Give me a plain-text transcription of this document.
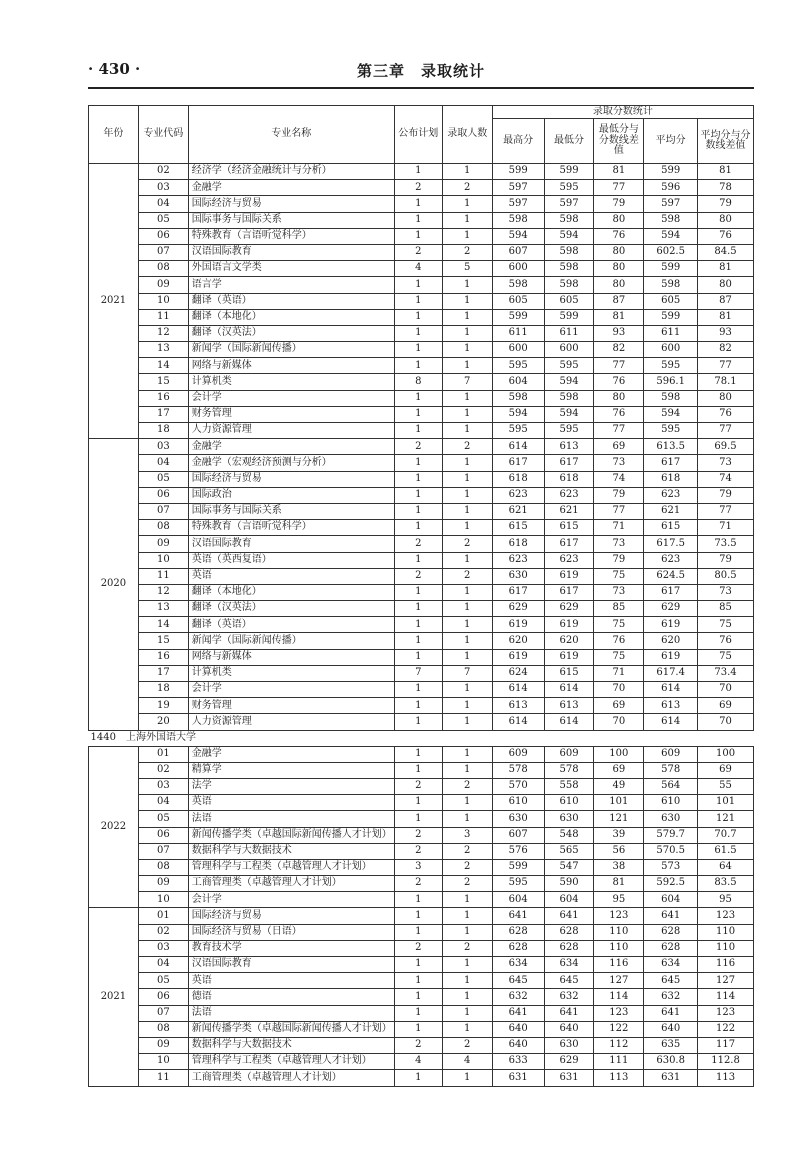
· 430 ·	第三章　录取统计
年份	专业代码	专业名称	公布计划	录取人数	录取分数统计				
					最高分	最低分	最低分与分数线差值	平均分	平均分与分数线差值
2021	02	经济学（经济金融统计与分析）	1	1	599	599	81	599	81
	03	金融学	2	2	597	595	77	596	78
	04	国际经济与贸易	1	1	597	597	79	597	79
	05	国际事务与国际关系	1	1	598	598	80	598	80
	06	特殊教育（言语听觉科学）	1	1	594	594	76	594	76
	07	汉语国际教育	2	2	607	598	80	602.5	84.5
	08	外国语言文学类	4	5	600	598	80	599	81
	09	语言学	1	1	598	598	80	598	80
	10	翻译（英语）	1	1	605	605	87	605	87
	11	翻译（本地化）	1	1	599	599	81	599	81
	12	翻译（汉英法）	1	1	611	611	93	611	93
	13	新闻学（国际新闻传播）	1	1	600	600	82	600	82
	14	网络与新媒体	1	1	595	595	77	595	77
	15	计算机类	8	7	604	594	76	596.1	78.1
	16	会计学	1	1	598	598	80	598	80
	17	财务管理	1	1	594	594	76	594	76
	18	人力资源管理	1	1	595	595	77	595	77
2020	03	金融学	2	2	614	613	69	613.5	69.5
	04	金融学（宏观经济预测与分析）	1	1	617	617	73	617	73
	05	国际经济与贸易	1	1	618	618	74	618	74
	06	国际政治	1	1	623	623	79	623	79
	07	国际事务与国际关系	1	1	621	621	77	621	77
	08	特殊教育（言语听觉科学）	1	1	615	615	71	615	71
	09	汉语国际教育	2	2	618	617	73	617.5	73.5
	10	英语（英西复语）	1	1	623	623	79	623	79
	11	英语	2	2	630	619	75	624.5	80.5
	12	翻译（本地化）	1	1	617	617	73	617	73
	13	翻译（汉英法）	1	1	629	629	85	629	85
	14	翻译（英语）	1	1	619	619	75	619	75
	15	新闻学（国际新闻传播）	1	1	620	620	76	620	76
	16	网络与新媒体	1	1	619	619	75	619	75
	17	计算机类	7	7	624	615	71	617.4	73.4
	18	会计学	1	1	614	614	70	614	70
	19	财务管理	1	1	613	613	69	613	69
	20	人力资源管理	1	1	614	614	70	614	70
1440　上海外国语大学									
2022	01	金融学	1	1	609	609	100	609	100
	02	精算学	1	1	578	578	69	578	69
	03	法学	2	2	570	558	49	564	55
	04	英语	1	1	610	610	101	610	101
	05	法语	1	1	630	630	121	630	121
	06	新闻传播学类（卓越国际新闻传播人才计划）	2	3	607	548	39	579.7	70.7
	07	数据科学与大数据技术	2	2	576	565	56	570.5	61.5
	08	管理科学与工程类（卓越管理人才计划）	3	2	599	547	38	573	64
	09	工商管理类（卓越管理人才计划）	2	2	595	590	81	592.5	83.5
	10	会计学	1	1	604	604	95	604	95
2021	01	国际经济与贸易	1	1	641	641	123	641	123
	02	国际经济与贸易（日语）	1	1	628	628	110	628	110
	03	教育技术学	2	2	628	628	110	628	110
	04	汉语国际教育	1	1	634	634	116	634	116
	05	英语	1	1	645	645	127	645	127
	06	德语	1	1	632	632	114	632	114
	07	法语	1	1	641	641	123	641	123
	08	新闻传播学类（卓越国际新闻传播人才计划）	1	1	640	640	122	640	122
	09	数据科学与大数据技术	2	2	640	630	112	635	117
	10	管理科学与工程类（卓越管理人才计划）	4	4	633	629	111	630.8	112.8
	11	工商管理类（卓越管理人才计划）	1	1	631	631	113	631	113
